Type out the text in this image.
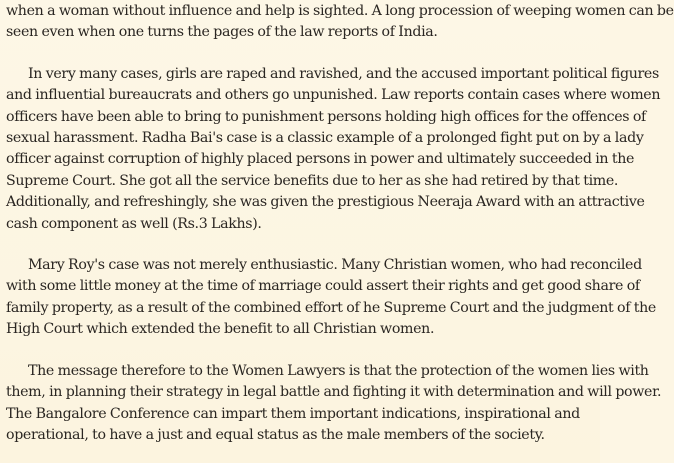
when a woman without influence and help is sighted. A long procession of weeping women can be
seen even when one turns the pages of the law reports of India.

In very many cases, girls are raped and ravished, and the accused important political figures
and influential bureaucrats and others go unpunished. Law reports contain cases where women
officers have been able to bring to punishment persons holding high offices for the offences of
sexual harassment. Radha Bai's case is a classic example of a prolonged fight put on by a lady
officer against corruption of highly placed persons in power and ultimately succeeded in the
Supreme Court. She got all the service benefits due to her as she had retired by that time.
Additionally, and refreshingly, she was given the prestigious Neeraja Award with an attractive
cash component as well (Rs.3 Lakhs).

Mary Roy's case was not merely enthusiastic. Many Christian women, who had reconciled
with some little money at the time of marriage could assert their rights and get good share of
family property, as a result of the combined effort of he Supreme Court and the judgment of the
High Court which extended the benefit to all Christian women.

The message therefore to the Women Lawyers is that the protection of the women lies with
them, in planning their strategy in legal battle and fighting it with determination and will power.
The Bangalore Conference can impart them important indications, inspirational and
operational, to have a just and equal status as the male members of the society.
